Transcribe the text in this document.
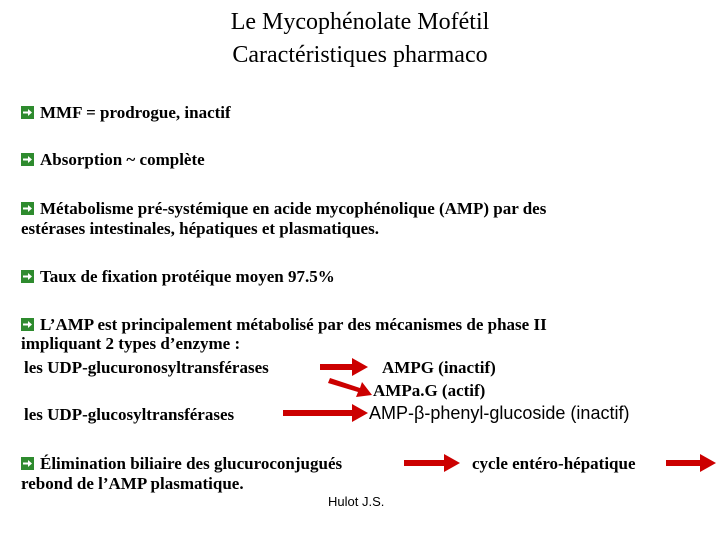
Le Mycophénolate Mofétil
Caractéristiques pharmaco
MMF = prodrogue, inactif
Absorption ~ complète
Métabolisme pré-systémique en acide mycophénolique (AMP) par des
estérases intestinales, hépatiques et plasmatiques.
Taux de fixation protéique moyen 97.5%
L’AMP est principalement métabolisé par des mécanismes de phase II
impliquant 2 types d’enzyme :
les UDP-glucuronosyltransférases	AMPG (inactif)
AMPa.G (actif)
les UDP-glucosyltransférases	AMP-β-phenyl-glucoside (inactif)
Élimination biliaire des glucuroconjugués	cycle entéro-hépatique
rebond de l’AMP plasmatique.
Hulot J.S.
